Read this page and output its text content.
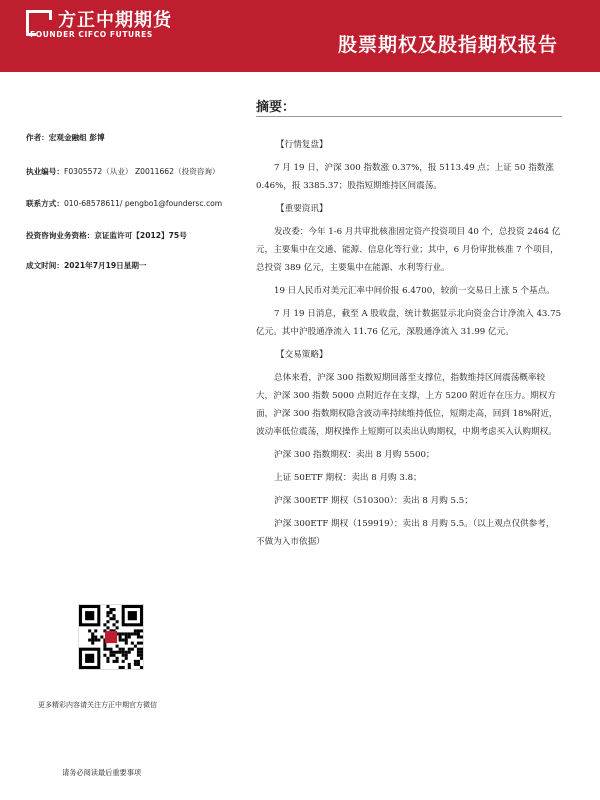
方正中期期货
FOUNDER CIFCO FUTURES	股票期权及股指期权报告
摘要：
作者：宏观金融组 彭博
执业编号：F0305572（从业） Z0011662（投资咨询）
联系方式：010-68578611/ pengbo1@foundersc.com
投资咨询业务资格：京证监许可【2012】75号
成文时间：2021年7月19日星期一

【行情复盘】

7 月 19 日，沪深 300 指数涨 0.37%，报 5113.49 点；上证 50 指数涨 0.46%，报 3385.37；股指短期维持区间震荡。

【重要资讯】

发改委：今年 1-6 月共审批核准固定资产投资项目 40 个，总投资 2464 亿元，主要集中在交通、能源、信息化等行业；其中，6 月份审批核准 7 个项目，总投资 389 亿元，主要集中在能源、水利等行业。

19 日人民币对美元汇率中间价报 6.4700，较前一交易日上涨 5 个基点。

7 月 19 日消息，截至 A 股收盘，统计数据显示北向资金合计净流入 43.75 亿元。其中沪股通净流入 11.76 亿元，深股通净流入 31.99 亿元。

【交易策略】

总体来看，沪深 300 指数短期回落至支撑位，指数维持区间震荡概率较大，沪深 300 指数 5000 点附近存在支撑，上方 5200 附近存在压力。期权方面，沪深 300 指数期权隐含波动率持续维持低位，短期走高，回到 18%附近，波动率低位震荡，期权操作上短期可以卖出认购期权，中期考虑买入认购期权。

沪深 300 指数期权：卖出 8 月购 5500；

上证 50ETF 期权：卖出 8 月购 3.8；

沪深 300ETF 期权（510300）：卖出 8 月购 5.5；

沪深 300ETF 期权（159919）：卖出 8 月购 5.5。（以上观点仅供参考，不做为入市依据）

更多精彩内容请关注方正中期官方微信
请务必阅读最后重要事项
